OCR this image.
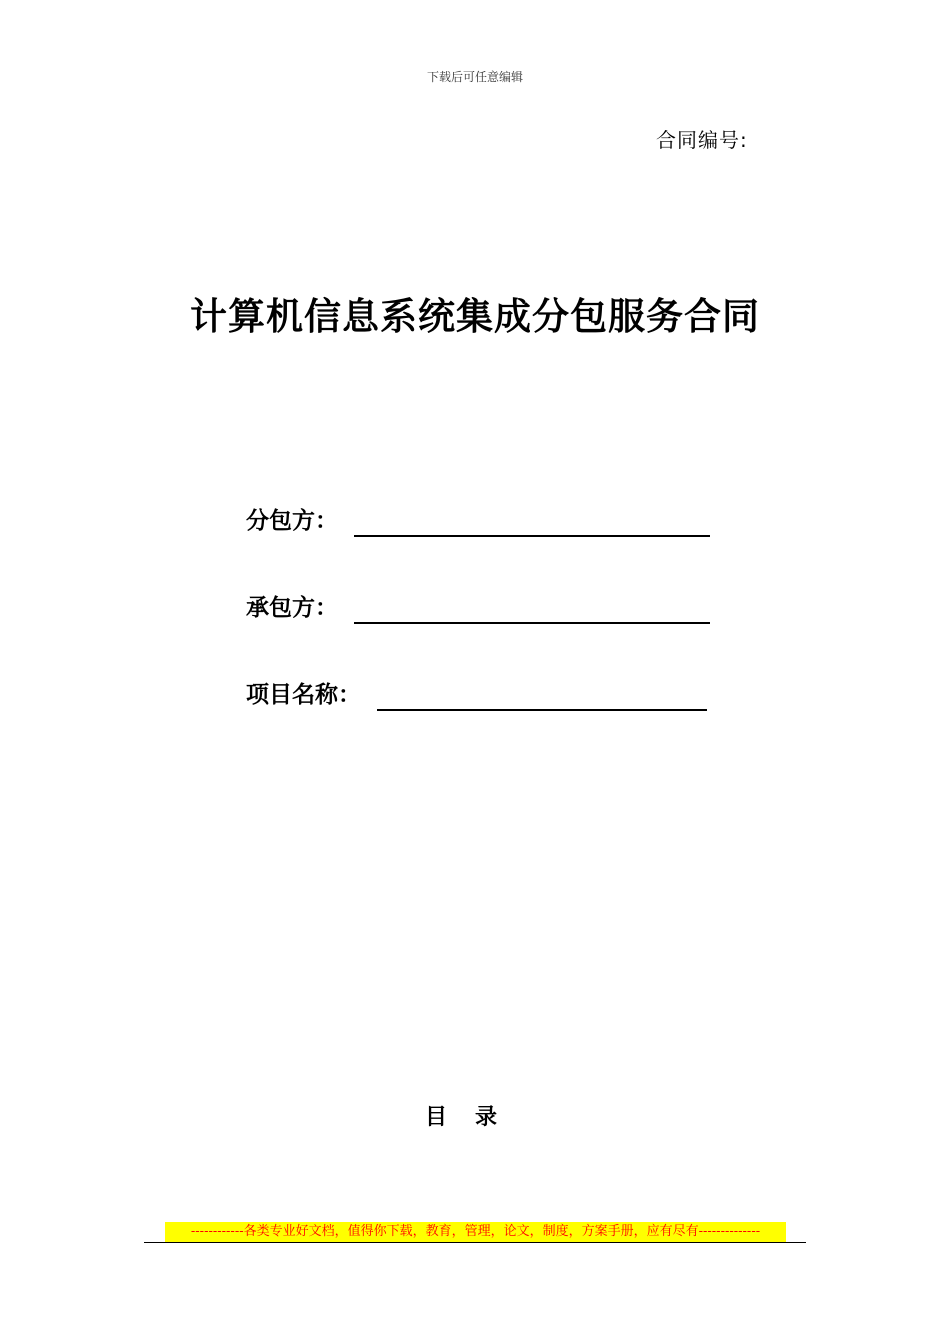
下载后可任意编辑
合同编号:
计算机信息系统集成分包服务合同
分包方：
承包方：
项目名称：
目录
------------各类专业好文档，值得你下载，教育，管理，论文，制度，方案手册，应有尽有--------------
